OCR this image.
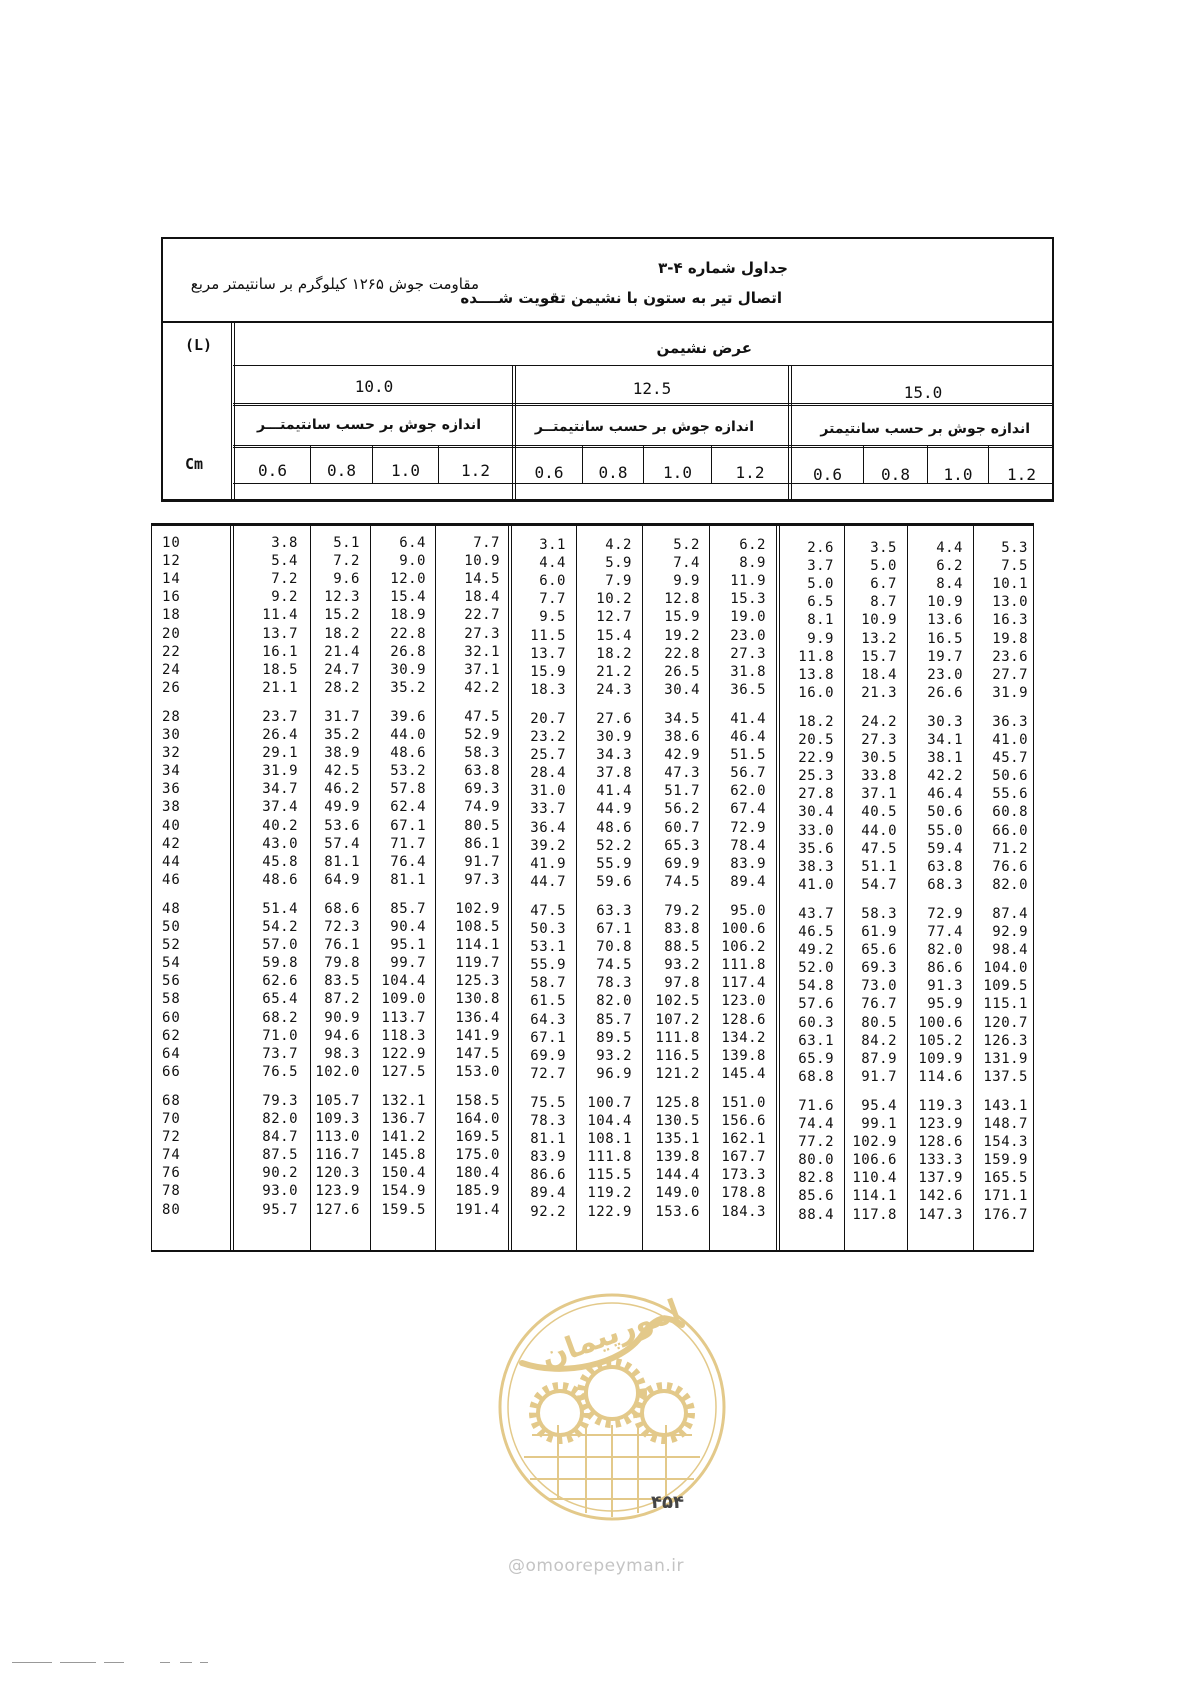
جداول شماره ۴-۳
اتصال تیر به ستون با نشیمن تقویت شــــده
مقاومت جوش ۱۲۶۵ کیلوگرم بر سانتیمتر مربع
(L)	عرض نشیمن
Cm
10.0	12.5	15.0
اندازه جوش بر حسب سانتیمتـــر	اندازه جوش بر حسب سانتیمتــر	اندازه جوش بر حسب سانتیمتر
0.6	0.8	1.0	1.2	0.6	0.8	1.0	1.2	0.6	0.8	1.0	1.2
10	3.8	5.1	6.4	7.7	3.1	4.2	5.2	6.2	2.6	3.5	4.4	5.3
12	5.4	7.2	9.0	10.9	4.4	5.9	7.4	8.9	3.7	5.0	6.2	7.5
14	7.2	9.6	12.0	14.5	6.0	7.9	9.9	11.9	5.0	6.7	8.4	10.1
16	9.2	12.3	15.4	18.4	7.7	10.2	12.8	15.3	6.5	8.7	10.9	13.0
18	11.4	15.2	18.9	22.7	9.5	12.7	15.9	19.0	8.1	10.9	13.6	16.3
20	13.7	18.2	22.8	27.3	11.5	15.4	19.2	23.0	9.9	13.2	16.5	19.8
22	16.1	21.4	26.8	32.1	13.7	18.2	22.8	27.3	11.8	15.7	19.7	23.6
24	18.5	24.7	30.9	37.1	15.9	21.2	26.5	31.8	13.8	18.4	23.0	27.7
26	21.1	28.2	35.2	42.2	18.3	24.3	30.4	36.5	16.0	21.3	26.6	31.9
28	23.7	31.7	39.6	47.5	20.7	27.6	34.5	41.4	18.2	24.2	30.3	36.3
30	26.4	35.2	44.0	52.9	23.2	30.9	38.6	46.4	20.5	27.3	34.1	41.0
32	29.1	38.9	48.6	58.3	25.7	34.3	42.9	51.5	22.9	30.5	38.1	45.7
34	31.9	42.5	53.2	63.8	28.4	37.8	47.3	56.7	25.3	33.8	42.2	50.6
36	34.7	46.2	57.8	69.3	31.0	41.4	51.7	62.0	27.8	37.1	46.4	55.6
38	37.4	49.9	62.4	74.9	33.7	44.9	56.2	67.4	30.4	40.5	50.6	60.8
40	40.2	53.6	67.1	80.5	36.4	48.6	60.7	72.9	33.0	44.0	55.0	66.0
42	43.0	57.4	71.7	86.1	39.2	52.2	65.3	78.4	35.6	47.5	59.4	71.2
44	45.8	81.1	76.4	91.7	41.9	55.9	69.9	83.9	38.3	51.1	63.8	76.6
46	48.6	64.9	81.1	97.3	44.7	59.6	74.5	89.4	41.0	54.7	68.3	82.0
48	51.4	68.6	85.7	102.9	47.5	63.3	79.2	95.0	43.7	58.3	72.9	87.4
50	54.2	72.3	90.4	108.5	50.3	67.1	83.8	100.6	46.5	61.9	77.4	92.9
52	57.0	76.1	95.1	114.1	53.1	70.8	88.5	106.2	49.2	65.6	82.0	98.4
54	59.8	79.8	99.7	119.7	55.9	74.5	93.2	111.8	52.0	69.3	86.6	104.0
56	62.6	83.5	104.4	125.3	58.7	78.3	97.8	117.4	54.8	73.0	91.3	109.5
58	65.4	87.2	109.0	130.8	61.5	82.0	102.5	123.0	57.6	76.7	95.9	115.1
60	68.2	90.9	113.7	136.4	64.3	85.7	107.2	128.6	60.3	80.5	100.6	120.7
62	71.0	94.6	118.3	141.9	67.1	89.5	111.8	134.2	63.1	84.2	105.2	126.3
64	73.7	98.3	122.9	147.5	69.9	93.2	116.5	139.8	65.9	87.9	109.9	131.9
66	76.5	102.0	127.5	153.0	72.7	96.9	121.2	145.4	68.8	91.7	114.6	137.5
68	79.3	105.7	132.1	158.5	75.5	100.7	125.8	151.0	71.6	95.4	119.3	143.1
70	82.0	109.3	136.7	164.0	78.3	104.4	130.5	156.6	74.4	99.1	123.9	148.7
72	84.7	113.0	141.2	169.5	81.1	108.1	135.1	162.1	77.2	102.9	128.6	154.3
74	87.5	116.7	145.8	175.0	83.9	111.8	139.8	167.7	80.0	106.6	133.3	159.9
76	90.2	120.3	150.4	180.4	86.6	115.5	144.4	173.3	82.8	110.4	137.9	165.5
78	93.0	123.9	154.9	185.9	89.4	119.2	149.0	178.8	85.6	114.1	142.6	171.1
80	95.7	127.6	159.5	191.4	92.2	122.9	153.6	184.3	88.4	117.8	147.3	176.7
امورپیمان
۴۵۴
@omoorepeyman.ir
